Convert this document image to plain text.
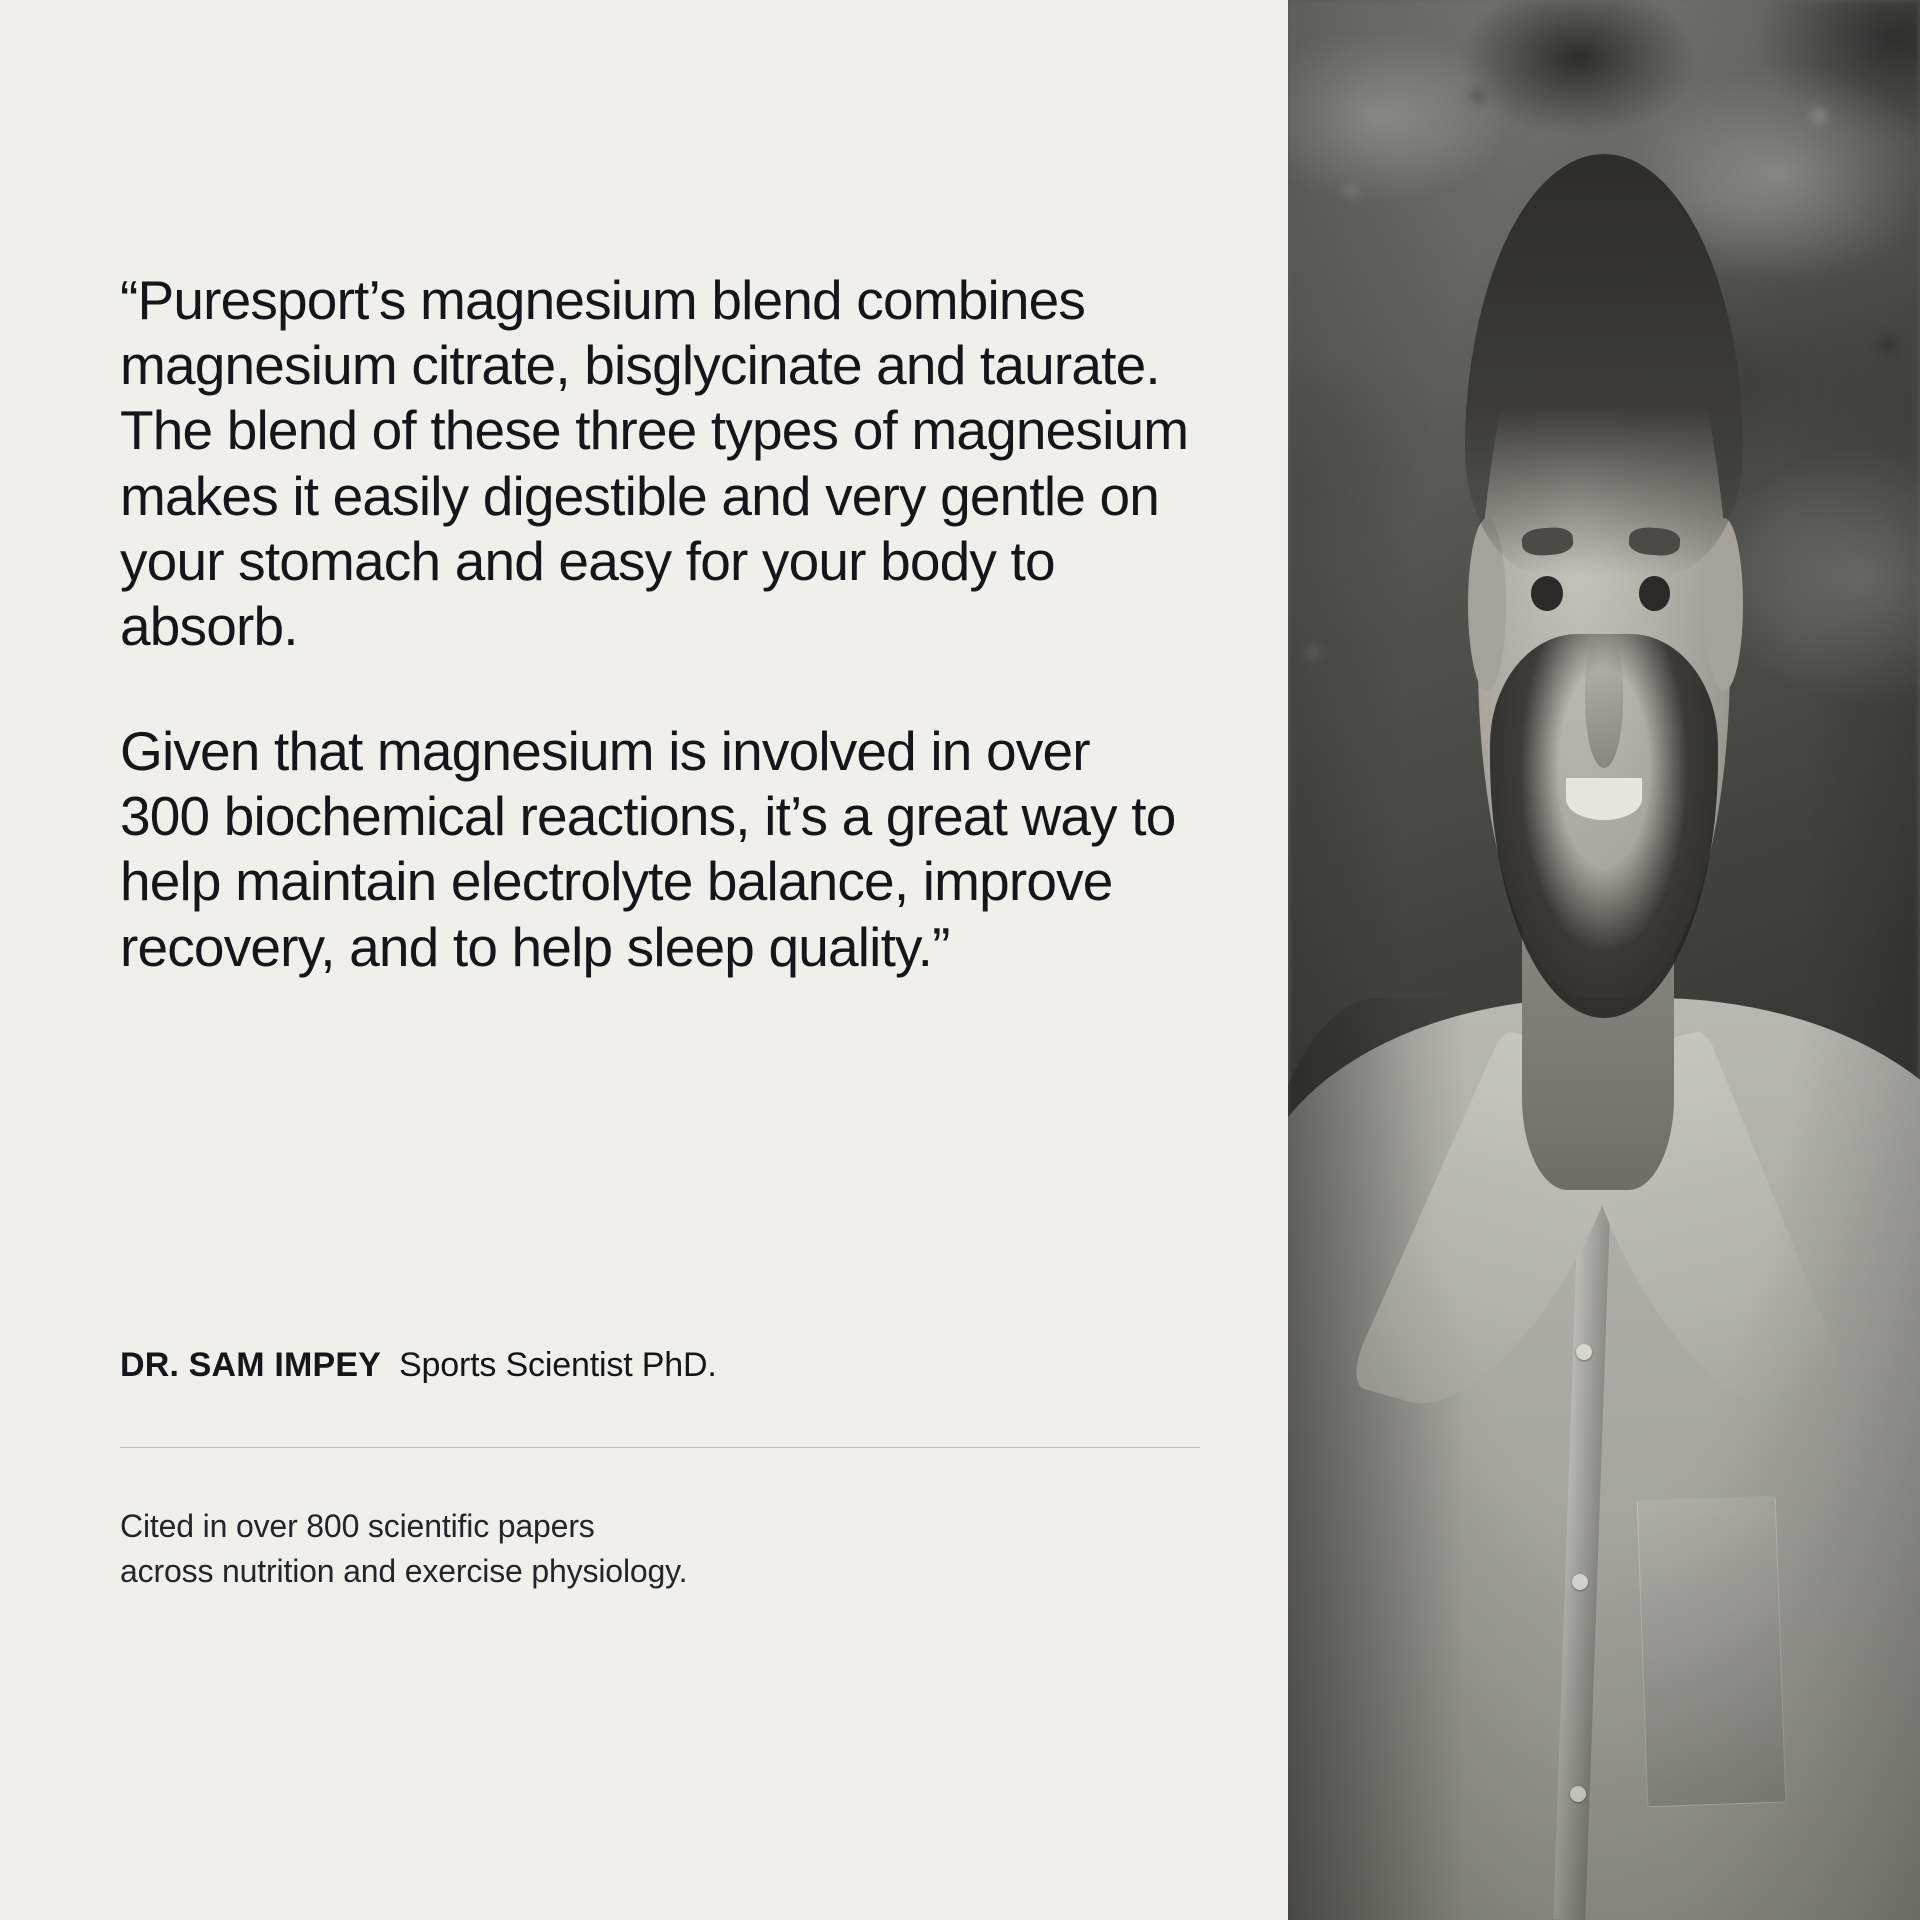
“Puresport’s magnesium blend combines magnesium citrate, bisglycinate and taurate. The blend of these three types of magnesium makes it easily digestible and very gentle on your stomach and easy for your body to absorb.

Given that magnesium is involved in over 300 biochemical reactions, it’s a great way to help maintain electrolyte balance, improve recovery, and to help sleep quality.”

DR. SAM IMPEY Sports Scientist PhD.
Cited in over 800 scientific papers
across nutrition and exercise physiology.
